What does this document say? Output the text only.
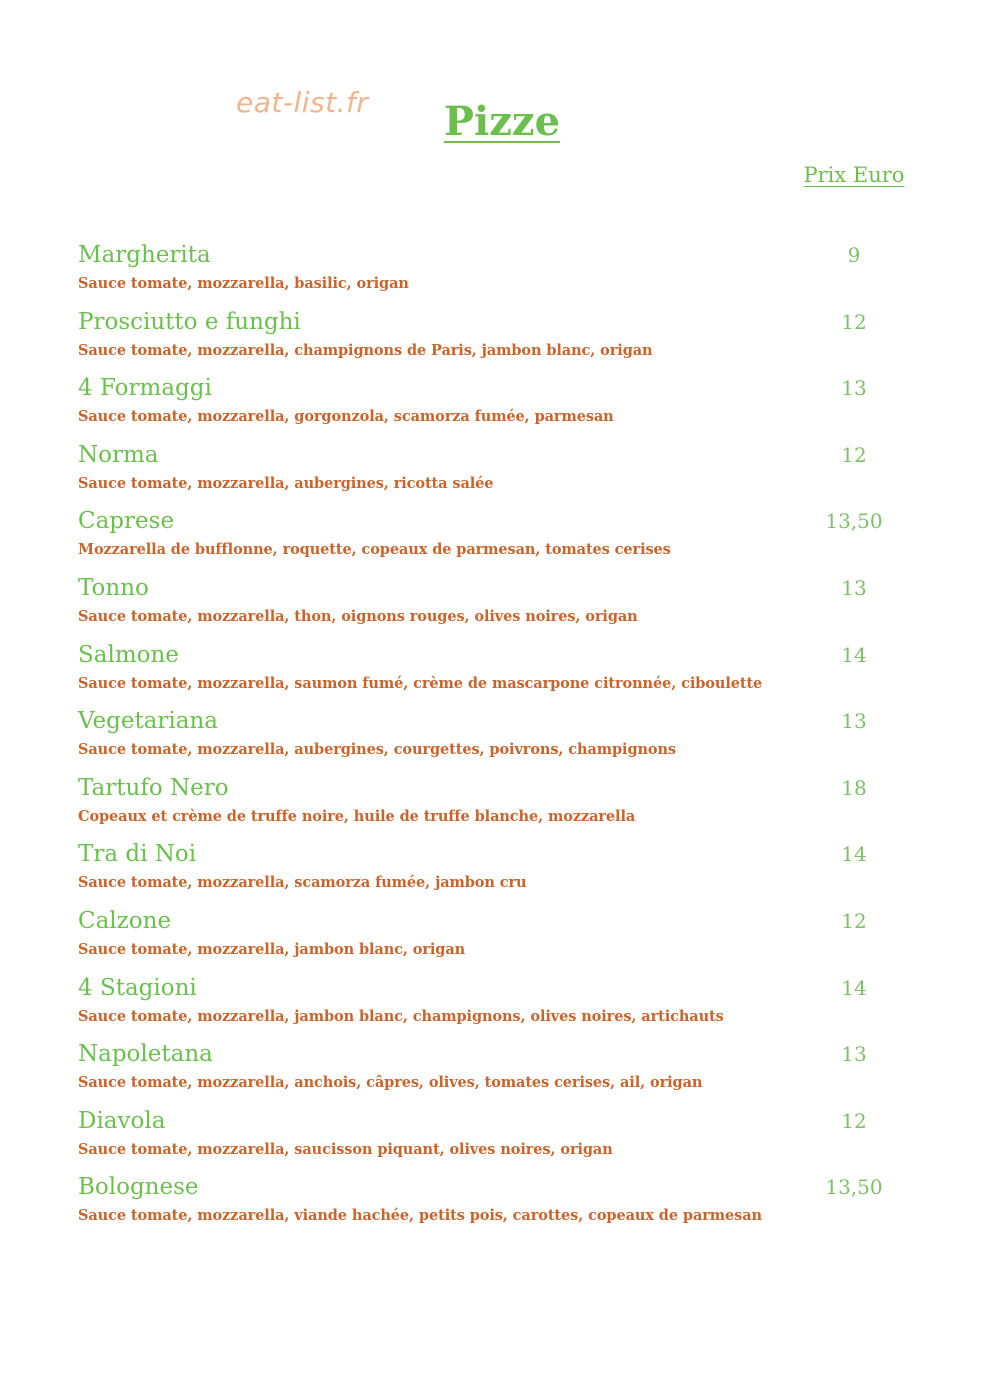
eat-list.fr	Pizze
Prix Euro
Margherita
Sauce tomate, mozzarella, basilic, origan
9
Prosciutto e funghi
Sauce tomate, mozzarella, champignons de Paris, jambon blanc, origan
12
4 Formaggi
Sauce tomate, mozzarella, gorgonzola, scamorza fumée, parmesan
13
Norma
Sauce tomate, mozzarella, aubergines, ricotta salée
12
Caprese
Mozzarella de bufflonne, roquette, copeaux de parmesan, tomates cerises
13,50
Tonno
Sauce tomate, mozzarella, thon, oignons rouges, olives noires, origan
13
Salmone
Sauce tomate, mozzarella, saumon fumé, crème de mascarpone citronnée, ciboulette
14
Vegetariana
Sauce tomate, mozzarella, aubergines, courgettes, poivrons, champignons
13
Tartufo Nero
Copeaux et crème de truffe noire, huile de truffe blanche, mozzarella
18
Tra di Noi
Sauce tomate, mozzarella, scamorza fumée, jambon cru
14
Calzone
Sauce tomate, mozzarella, jambon blanc, origan
12
4 Stagioni
Sauce tomate, mozzarella, jambon blanc, champignons, olives noires, artichauts
14
Napoletana
Sauce tomate, mozzarella, anchois, câpres, olives, tomates cerises, ail, origan
13
Diavola
Sauce tomate, mozzarella, saucisson piquant, olives noires, origan
12
Bolognese
Sauce tomate, mozzarella, viande hachée, petits pois, carottes, copeaux de parmesan
13,50
